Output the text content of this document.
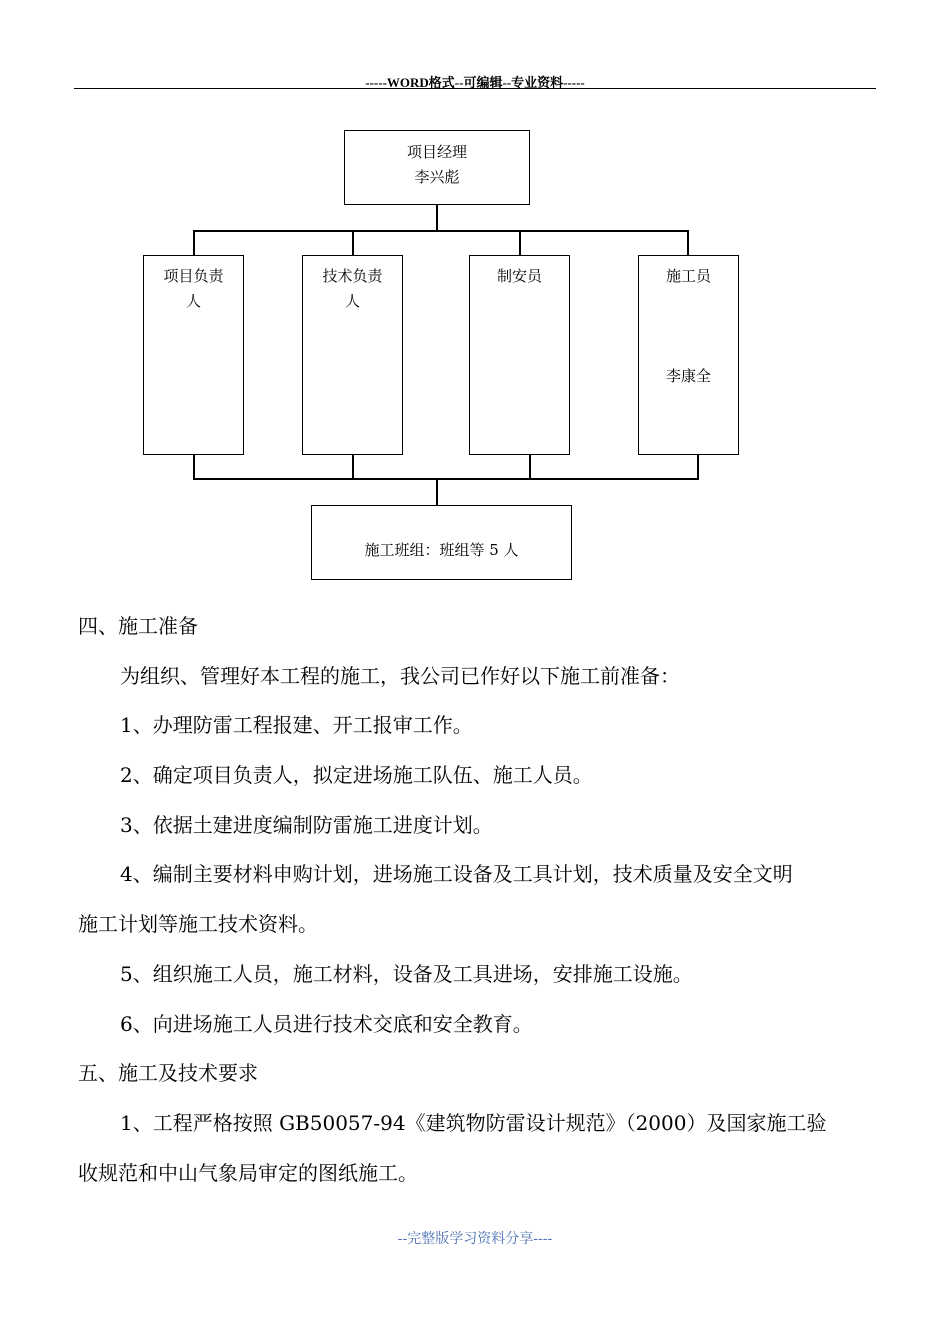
-----WORD格式--可编辑--专业资料-----
项目经理
李兴彪
项目负责
人
技术负责
人
制安员	施工员
李康全
施工班组：班组等 5 人
四、施工准备
为组织、管理好本工程的施工，我公司已作好以下施工前准备：
1、办理防雷工程报建、开工报审工作。
2、确定项目负责人，拟定进场施工队伍、施工人员。
3、依据土建进度编制防雷施工进度计划。
4、编制主要材料申购计划，进场施工设备及工具计划，技术质量及安全文明
施工计划等施工技术资料。
5、组织施工人员，施工材料，设备及工具进场，安排施工设施。
6、向进场施工人员进行技术交底和安全教育。
五、施工及技术要求
1、工程严格按照 GB50057-94《建筑物防雷设计规范》（2000）及国家施工验
收规范和中山气象局审定的图纸施工。
--完整版学习资料分享----
